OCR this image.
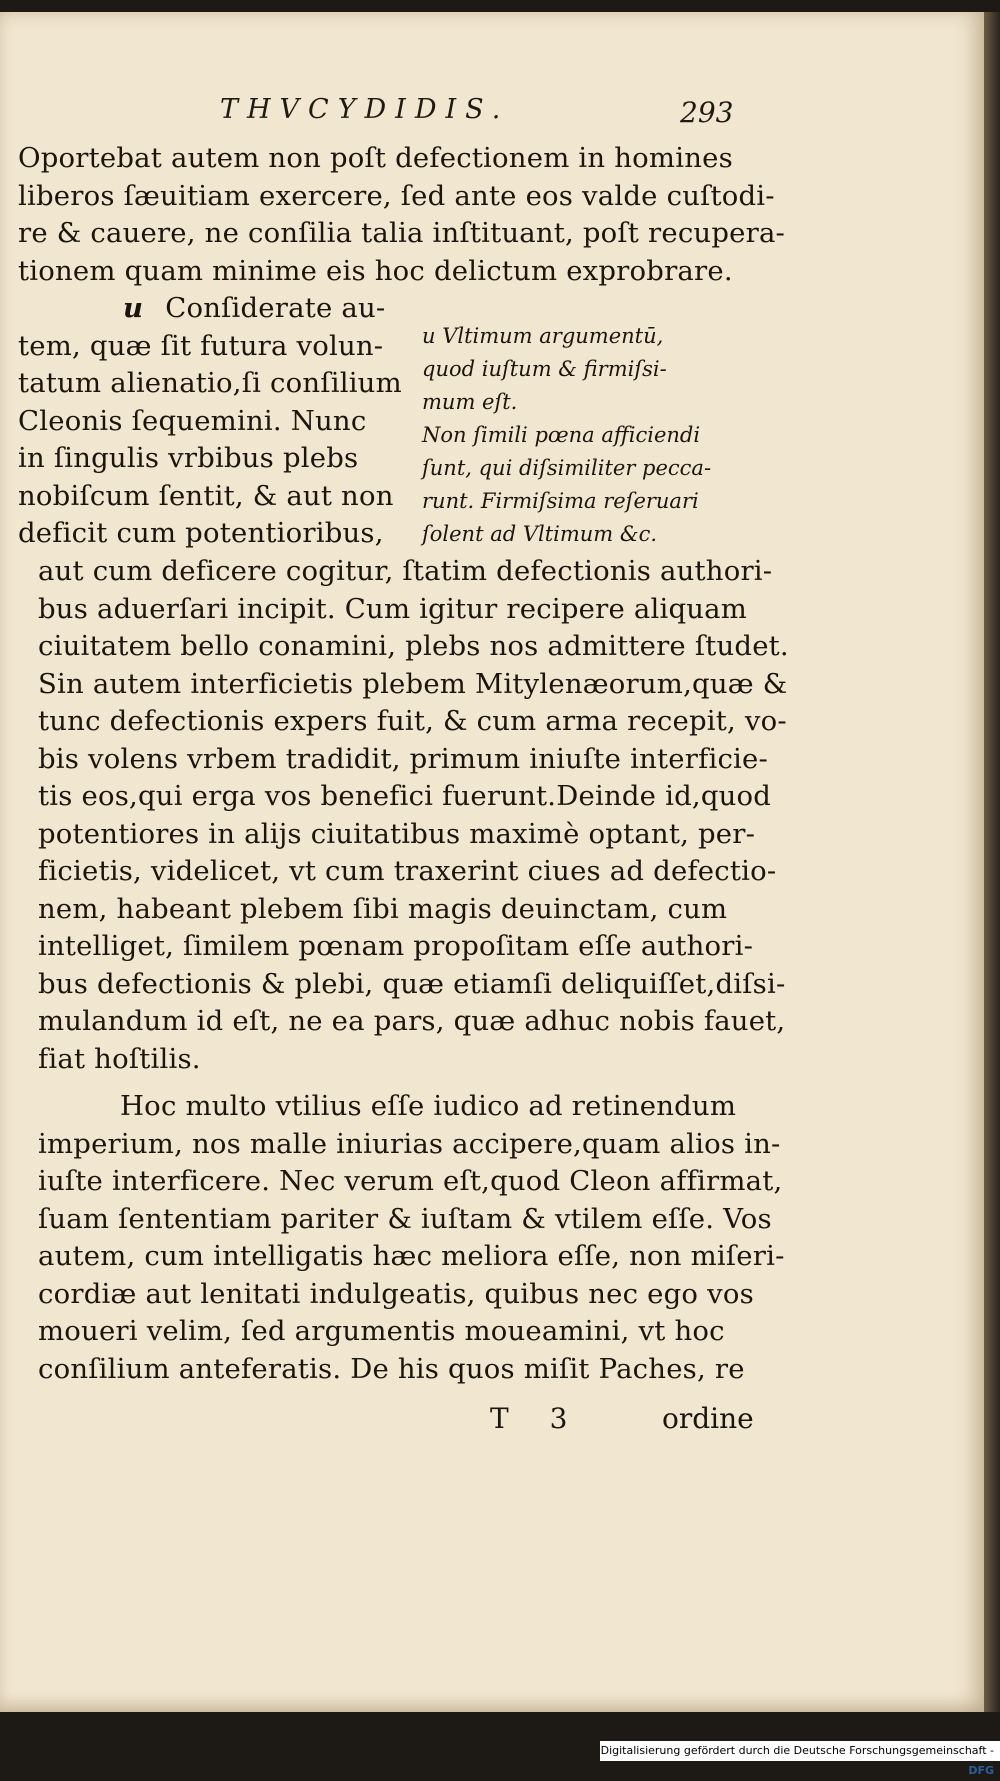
THVCYDIDIS.	293
Oportebat autem non poſt defectionem in homines
liberos ſæuitiam exercere, ſed ante eos valde cuſtodi-
re & cauere, ne conſilia talia inſtituant, poſt recupera-
tionem quam minime eis hoc delictum exprobrare.
u Conſiderate au-
tem, quæ ſit futura volun-
tatum alienatio,ſi conſilium
Cleonis ſequemini. Nunc
in ſingulis vrbibus plebs
nobiſcum ſentit, & aut non
deficit cum potentioribus,
u Vltimum argumentū,
quod iuſtum & firmiſsi-
mum eſt.
Non ſimili pœna afficiendi
ſunt, qui diſsimiliter pecca-
runt. Firmiſsima reſeruari
ſolent ad Vltimum &c.
aut cum deficere cogitur, ſtatim defectionis authori-
bus aduerſari incipit. Cum igitur recipere aliquam
ciuitatem bello conamini, plebs nos admittere ſtudet.
Sin autem interficietis plebem Mitylenæorum,quæ &
tunc defectionis expers fuit, & cum arma recepit, vo-
bis volens vrbem tradidit, primum iniuſte interficie-
tis eos,qui erga vos benefici fuerunt.Deinde id,quod
potentiores in alijs ciuitatibus maximè optant, per-
ficietis, videlicet, vt cum traxerint ciues ad defectio-
nem, habeant plebem ſibi magis deuinctam, cum
intelliget, ſimilem pœnam propoſitam eſſe authori-
bus defectionis & plebi, quæ etiamſi deliquiſſet,diſsi-
mulandum id eſt, ne ea pars, quæ adhuc nobis fauet,
fiat hoſtilis.
Hoc multo vtilius eſſe iudico ad retinendum
imperium, nos malle iniurias accipere,quam alios in-
iuſte interficere. Nec verum eſt,quod Cleon affirmat,
ſuam ſententiam pariter & iuſtam & vtilem eſſe. Vos
autem, cum intelligatis hæc meliora eſſe, non miſeri-
cordiæ aut lenitati indulgeatis, quibus nec ego vos
moueri velim, ſed argumentis moueamini, vt hoc
conſilium anteferatis. De his quos miſit Paches, re
T 3	ordine
Digitalisierung gefördert durch die Deutsche Forschungsgemeinschaft - DFG
